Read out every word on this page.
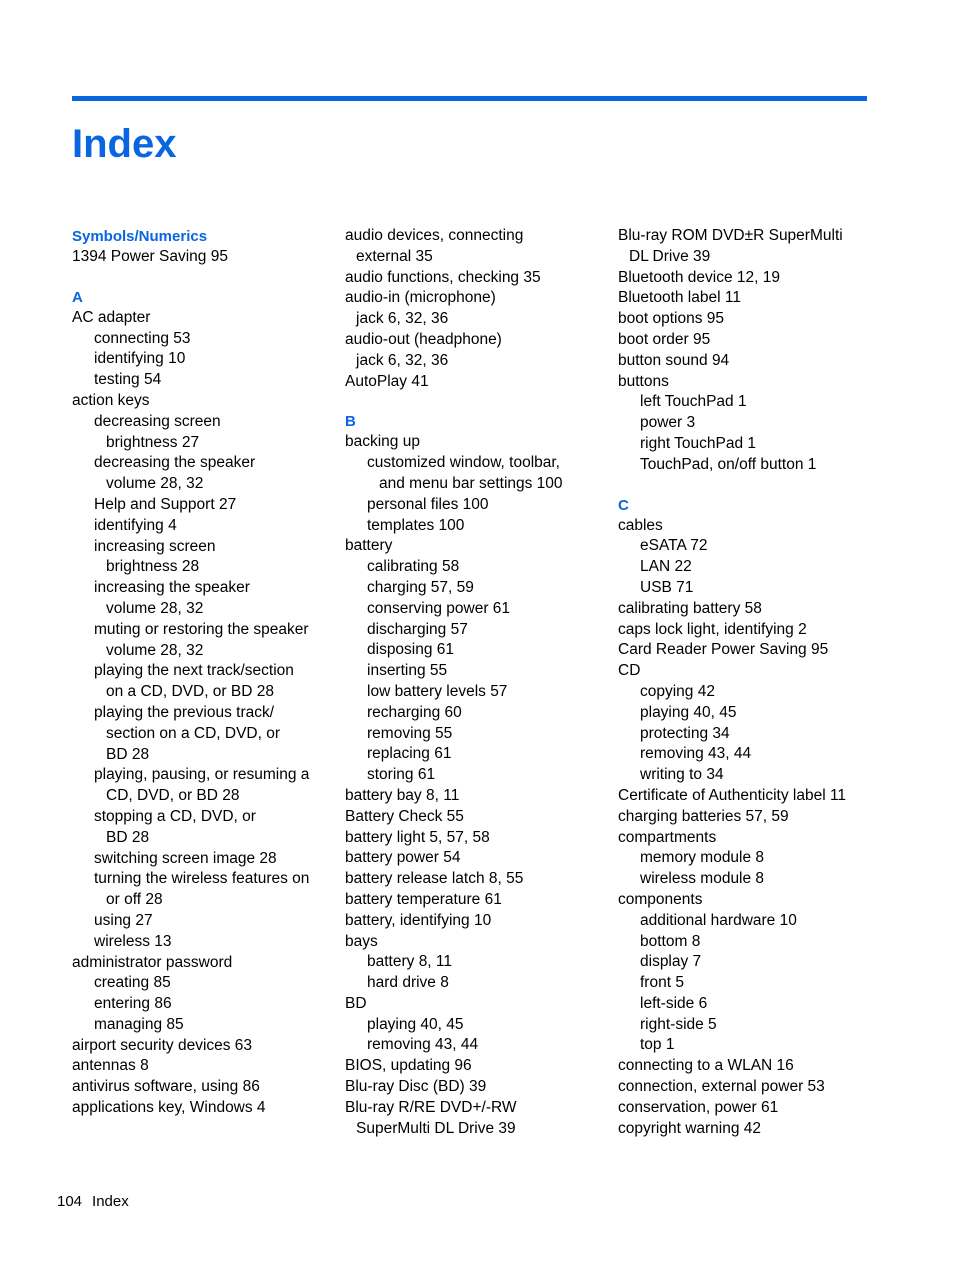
Index
Symbols/Numerics
1394 Power Saving 95
A
AC adapter
connecting 53
identifying 10
testing 54
action keys
decreasing screen
brightness 27
decreasing the speaker
volume 28, 32
Help and Support 27
identifying 4
increasing screen
brightness 28
increasing the speaker
volume 28, 32
muting or restoring the speaker
volume 28, 32
playing the next track/section
on a CD, DVD, or BD 28
playing the previous track/
section on a CD, DVD, or
BD 28
playing, pausing, or resuming a
CD, DVD, or BD 28
stopping a CD, DVD, or
BD 28
switching screen image 28
turning the wireless features on
or off 28
using 27
wireless 13
administrator password
creating 85
entering 86
managing 85
airport security devices 63
antennas 8
antivirus software, using 86
applications key, Windows 4
audio devices, connecting
external 35
audio functions, checking 35
audio-in (microphone)
jack 6, 32, 36
audio-out (headphone)
jack 6, 32, 36
AutoPlay 41
B
backing up
customized window, toolbar,
and menu bar settings 100
personal files 100
templates 100
battery
calibrating 58
charging 57, 59
conserving power 61
discharging 57
disposing 61
inserting 55
low battery levels 57
recharging 60
removing 55
replacing 61
storing 61
battery bay 8, 11
Battery Check 55
battery light 5, 57, 58
battery power 54
battery release latch 8, 55
battery temperature 61
battery, identifying 10
bays
battery 8, 11
hard drive 8
BD
playing 40, 45
removing 43, 44
BIOS, updating 96
Blu-ray Disc (BD) 39
Blu-ray R/RE DVD+/-RW
SuperMulti DL Drive 39
Blu-ray ROM DVD±R SuperMulti
DL Drive 39
Bluetooth device 12, 19
Bluetooth label 11
boot options 95
boot order 95
button sound 94
buttons
left TouchPad 1
power 3
right TouchPad 1
TouchPad, on/off button 1
C
cables
eSATA 72
LAN 22
USB 71
calibrating battery 58
caps lock light, identifying 2
Card Reader Power Saving 95
CD
copying 42
playing 40, 45
protecting 34
removing 43, 44
writing to 34
Certificate of Authenticity label 11
charging batteries 57, 59
compartments
memory module 8
wireless module 8
components
additional hardware 10
bottom 8
display 7
front 5
left-side 6
right-side 5
top 1
connecting to a WLAN 16
connection, external power 53
conservation, power 61
copyright warning 42
104 Index
